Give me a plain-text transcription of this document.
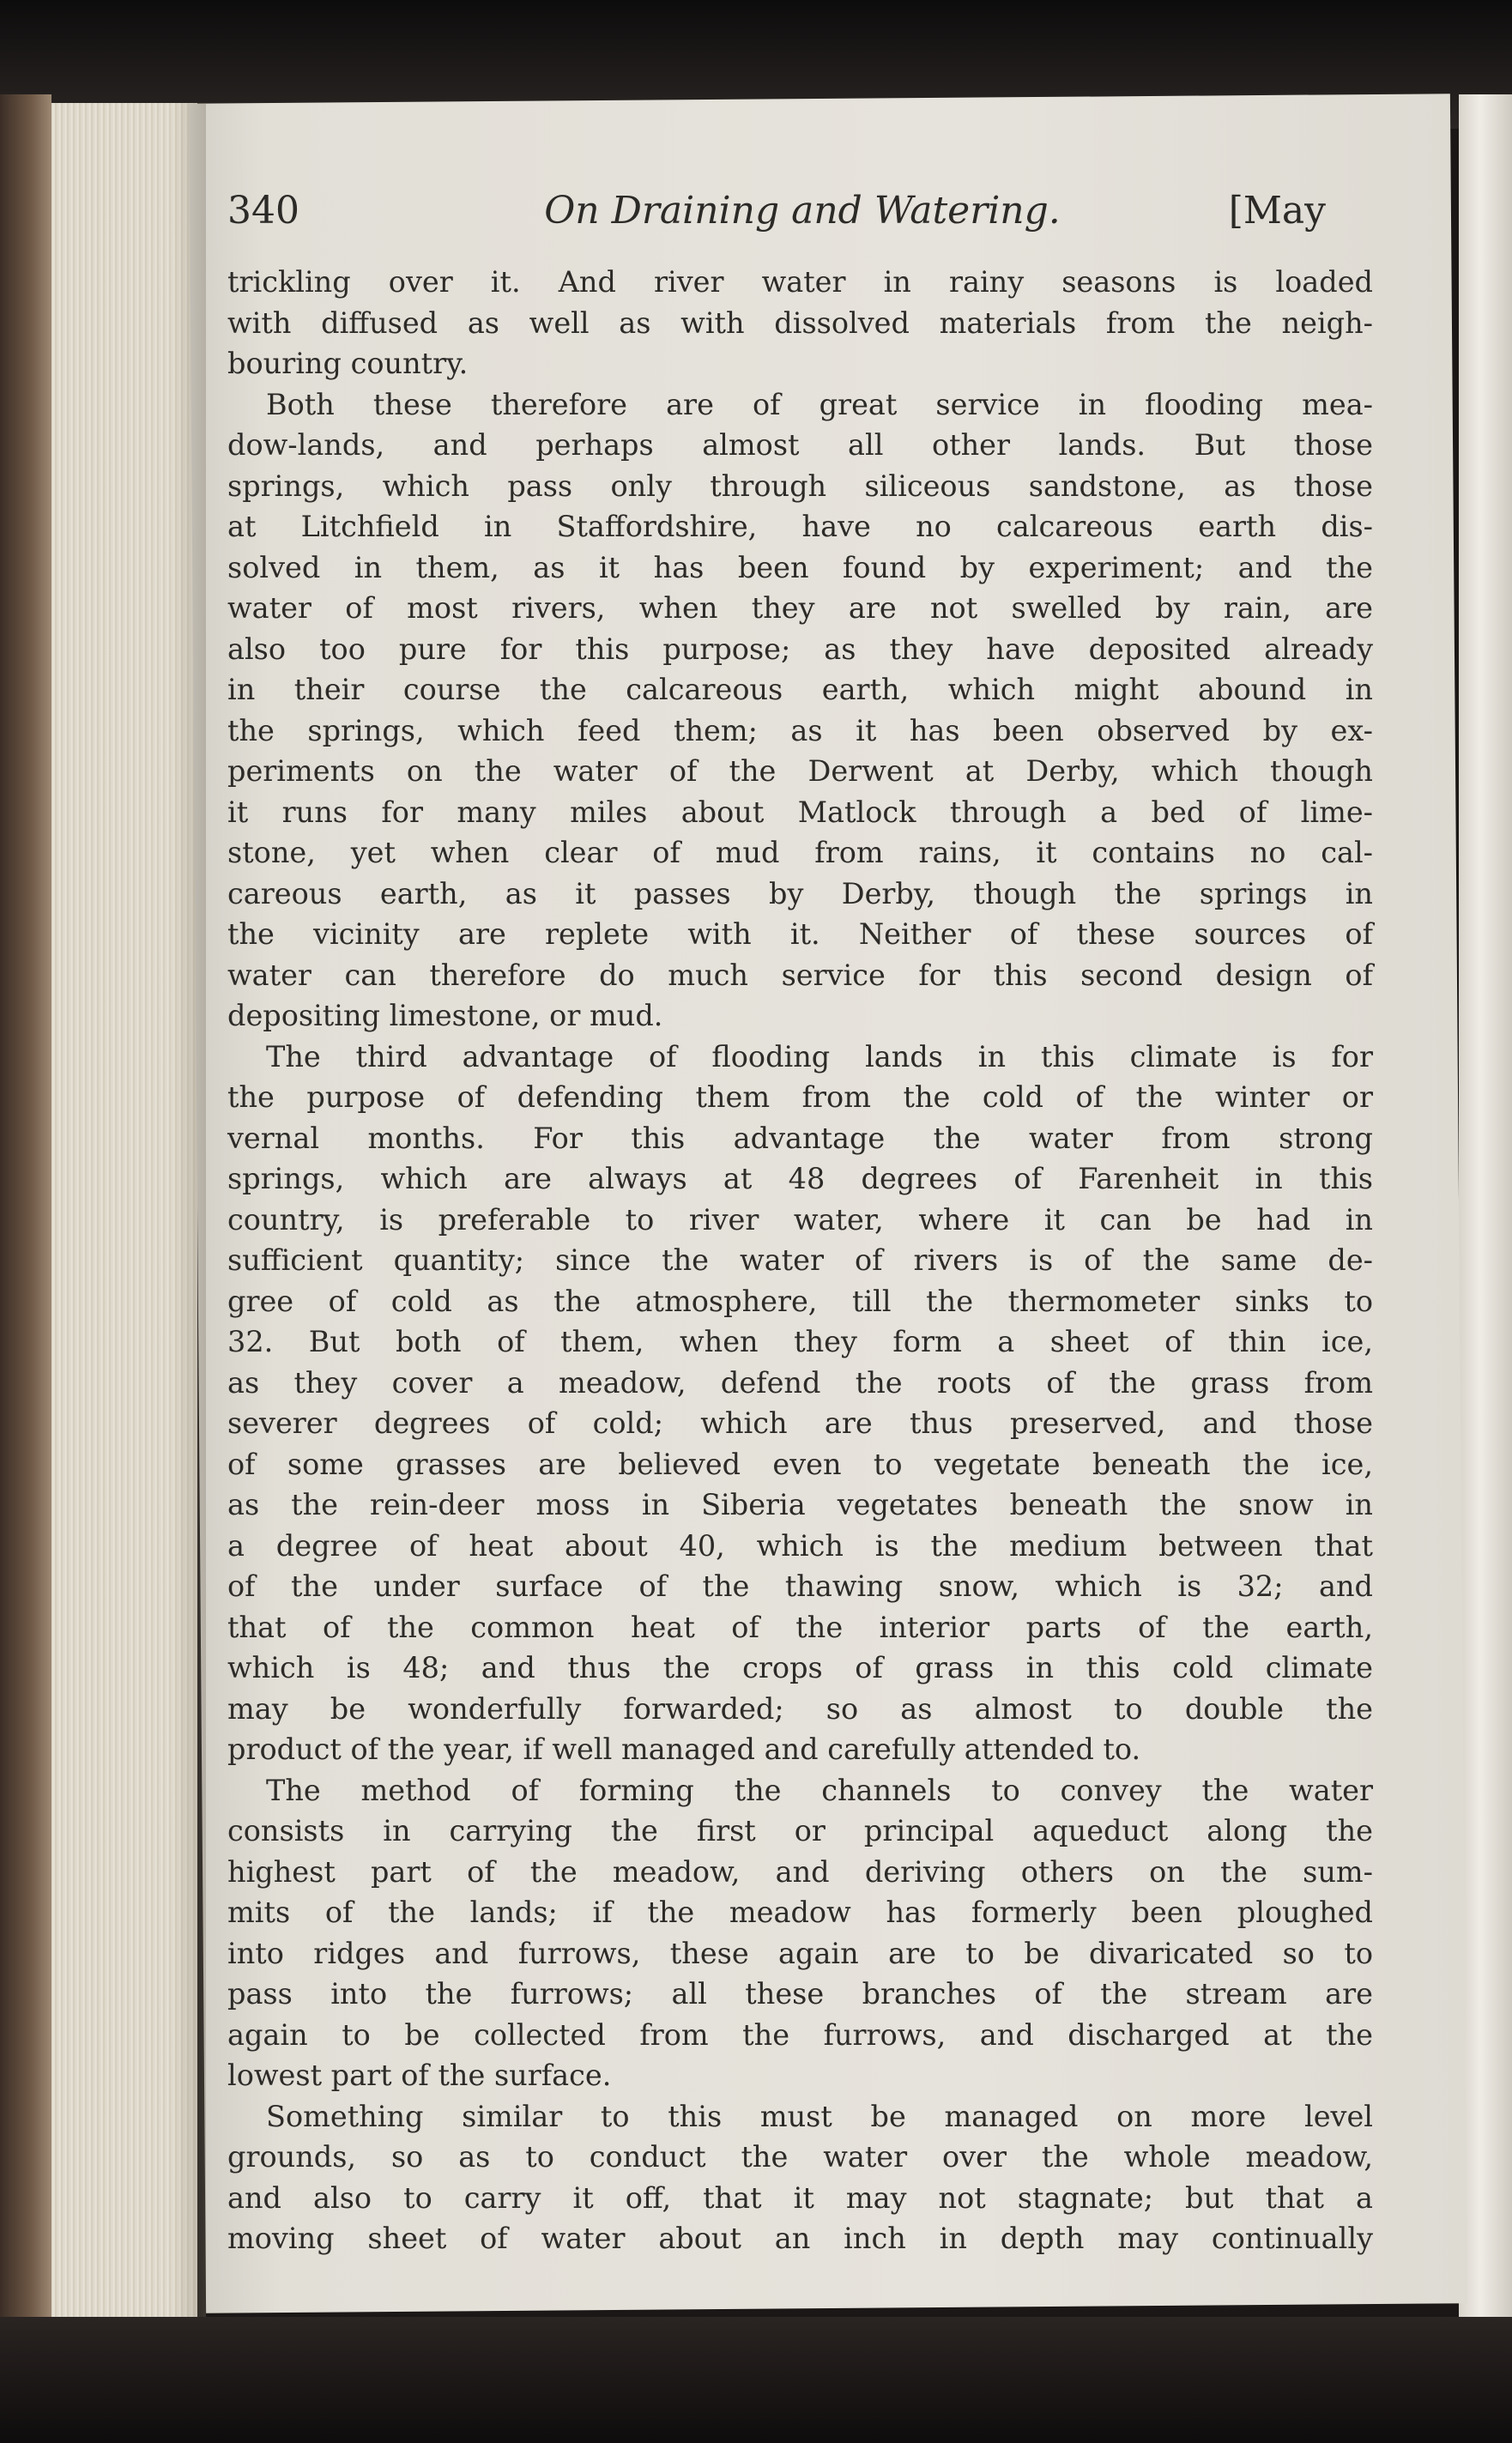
340	On Draining and Watering.	[May
trickling over it. And river water in rainy seasons is loaded
with diffused as well as with dissolved materials from the neigh-
bouring country.
Both these therefore are of great service in flooding mea-
dow-lands, and perhaps almost all other lands. But those
springs, which pass only through siliceous sandstone, as those
at Litchfield in Staffordshire, have no calcareous earth dis-
solved in them, as it has been found by experiment; and the
water of most rivers, when they are not swelled by rain, are
also too pure for this purpose; as they have deposited already
in their course the calcareous earth, which might abound in
the springs, which feed them; as it has been observed by ex-
periments on the water of the Derwent at Derby, which though
it runs for many miles about Matlock through a bed of lime-
stone, yet when clear of mud from rains, it contains no cal-
careous earth, as it passes by Derby, though the springs in
the vicinity are replete with it. Neither of these sources of
water can therefore do much service for this second design of
depositing limestone, or mud.
The third advantage of flooding lands in this climate is for
the purpose of defending them from the cold of the winter or
vernal months. For this advantage the water from strong
springs, which are always at 48 degrees of Farenheit in this
country, is preferable to river water, where it can be had in
sufficient quantity; since the water of rivers is of the same de-
gree of cold as the atmosphere, till the thermometer sinks to
32. But both of them, when they form a sheet of thin ice,
as they cover a meadow, defend the roots of the grass from
severer degrees of cold; which are thus preserved, and those
of some grasses are believed even to vegetate beneath the ice,
as the rein-deer moss in Siberia vegetates beneath the snow in
a degree of heat about 40, which is the medium between that
of the under surface of the thawing snow, which is 32; and
that of the common heat of the interior parts of the earth,
which is 48; and thus the crops of grass in this cold climate
may be wonderfully forwarded; so as almost to double the
product of the year, if well managed and carefully attended to.
The method of forming the channels to convey the water
consists in carrying the first or principal aqueduct along the
highest part of the meadow, and deriving others on the sum-
mits of the lands; if the meadow has formerly been ploughed
into ridges and furrows, these again are to be divaricated so to
pass into the furrows; all these branches of the stream are
again to be collected from the furrows, and discharged at the
lowest part of the surface.
Something similar to this must be managed on more level
grounds, so as to conduct the water over the whole meadow,
and also to carry it off, that it may not stagnate; but that a
moving sheet of water about an inch in depth may continually
